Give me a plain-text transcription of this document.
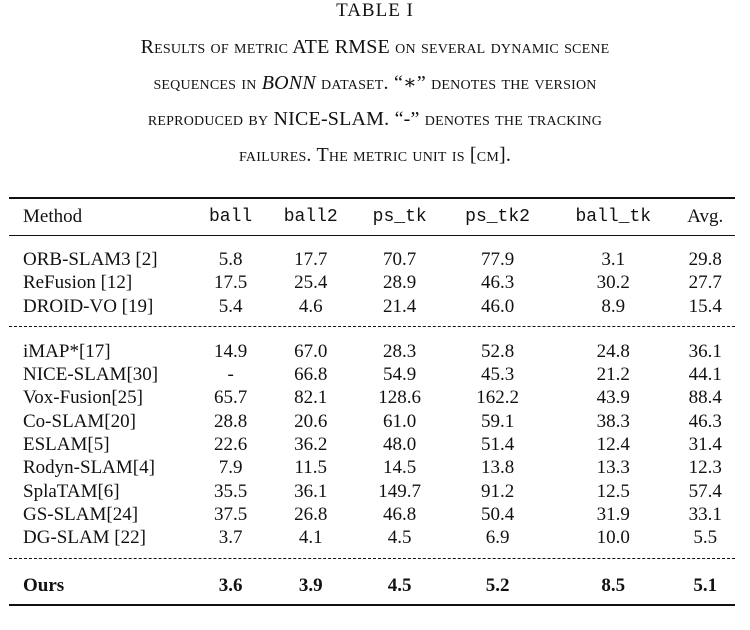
TABLE I
Results of metric ATE RMSE on several dynamic scene
sequences in BONN dataset. “∗” denotes the version
reproduced by NICE-SLAM. “-” denotes the tracking
failures. The metric unit is [cm].
Method	ball	ball2	ps_tk	ps_tk2	ball_tk	Avg.

ORB-SLAM3 [2]	5.8	17.7	70.7	77.9	3.1	29.8
ReFusion [12]	17.5	25.4	28.9	46.3	30.2	27.7
DROID-VO [19]	5.4	4.6	21.4	46.0	8.9	15.4

iMAP*[17]	14.9	67.0	28.3	52.8	24.8	36.1
NICE-SLAM[30]	-	66.8	54.9	45.3	21.2	44.1
Vox-Fusion[25]	65.7	82.1	128.6	162.2	43.9	88.4
Co-SLAM[20]	28.8	20.6	61.0	59.1	38.3	46.3
ESLAM[5]	22.6	36.2	48.0	51.4	12.4	31.4
Rodyn-SLAM[4]	7.9	11.5	14.5	13.8	13.3	12.3
SplaTAM[6]	35.5	36.1	149.7	91.2	12.5	57.4
GS-SLAM[24]	37.5	26.8	46.8	50.4	31.9	33.1
DG-SLAM [22]	3.7	4.1	4.5	6.9	10.0	5.5

Ours	3.6	3.9	4.5	5.2	8.5	5.1
